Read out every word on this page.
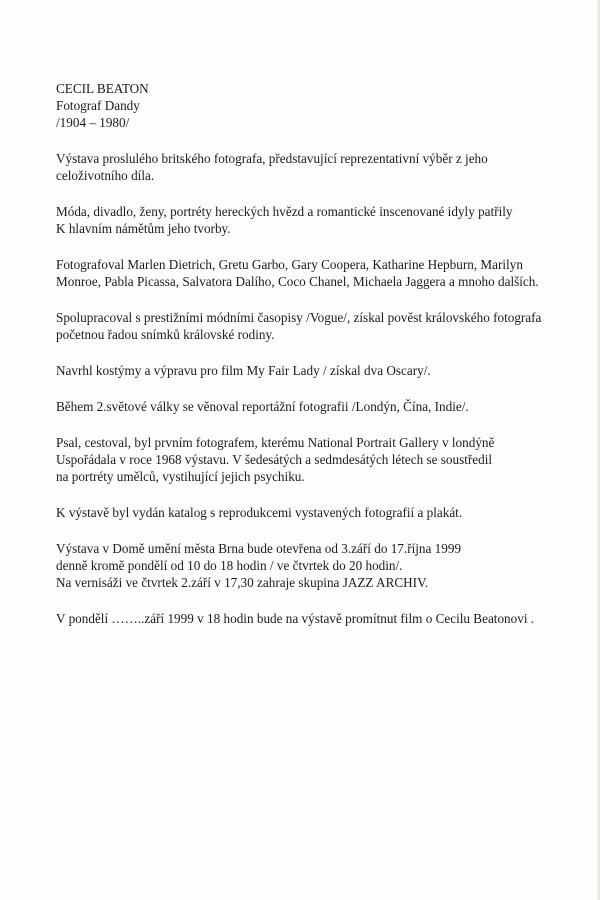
CECIL BEATON
Fotograf Dandy
/1904 – 1980/
Výstava proslulého britského fotografa, představující reprezentativní výběr z jeho
celoživotního díla.
Móda, divadlo, ženy, portréty hereckých hvězd a romantické inscenované idyly patřily
K hlavním námětům jeho tvorby.
Fotografoval Marlen Dietrich, Gretu Garbo, Gary Coopera, Katharine Hepburn, Marilyn
Monroe, Pabla Picassa, Salvatora Dalího, Coco Chanel, Michaela Jaggera a mnoho dalších.
Spolupracoval s prestižními módními časopisy /Vogue/, získal pověst královského fotografa
početnou řadou snímků královské rodiny.
Navrhl kostýmy a výpravu pro film My Fair Lady / získal dva Oscary/.
Během 2.světové války se věnoval reportážní fotografii /Londýn, Čína, Indie/.
Psal, cestoval, byl prvním fotografem, kterému National Portrait Gallery v londýně
Uspořádala v roce 1968 výstavu. V šedesátých a sedmdesátých létech se soustředil
na portréty umělců, vystihující jejich psychiku.
K výstavě byl vydán katalog s reprodukcemi vystavených fotografií a plakát.
Výstava v Domě umění města Brna bude otevřena od 3.září do 17.října 1999
denně kromě pondělí od 10 do 18 hodin / ve čtvrtek do 20 hodin/.
Na vernisáži ve čtvrtek 2.září v 17,30 zahraje skupina JAZZ ARCHIV.
V pondělí ……..září 1999 v 18 hodin bude na výstavě promítnut film o Cecilu Beatonovi .
